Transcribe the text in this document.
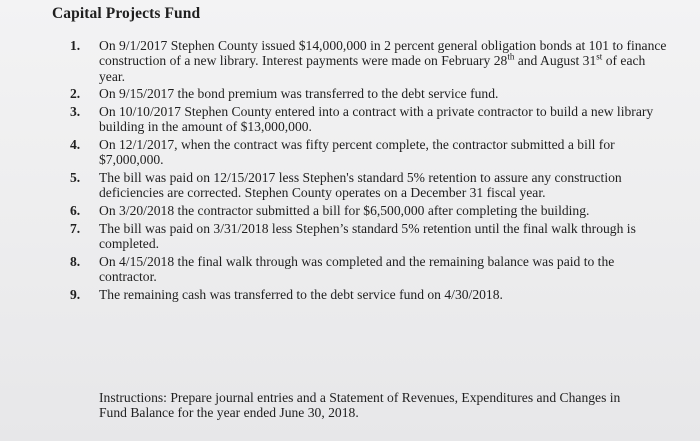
Capital Projects Fund
1. On 9/1/2017 Stephen County issued $14,000,000 in 2 percent general obligation bonds at 101 to finance construction of a new library. Interest payments were made on February 28th and August 31st of each year.
2. On 9/15/2017 the bond premium was transferred to the debt service fund.
3. On 10/10/2017 Stephen County entered into a contract with a private contractor to build a new library building in the amount of $13,000,000.
4. On 12/1/2017, when the contract was fifty percent complete, the contractor submitted a bill for $7,000,000.
5. The bill was paid on 12/15/2017 less Stephen's standard 5% retention to assure any construction deficiencies are corrected. Stephen County operates on a December 31 fiscal year.
6. On 3/20/2018 the contractor submitted a bill for $6,500,000 after completing the building.
7. The bill was paid on 3/31/2018 less Stephen’s standard 5% retention until the final walk through is completed.
8. On 4/15/2018 the final walk through was completed and the remaining balance was paid to the contractor.
9. The remaining cash was transferred to the debt service fund on 4/30/2018.
Instructions: Prepare journal entries and a Statement of Revenues, Expenditures and Changes in Fund Balance for the year ended June 30, 2018.
